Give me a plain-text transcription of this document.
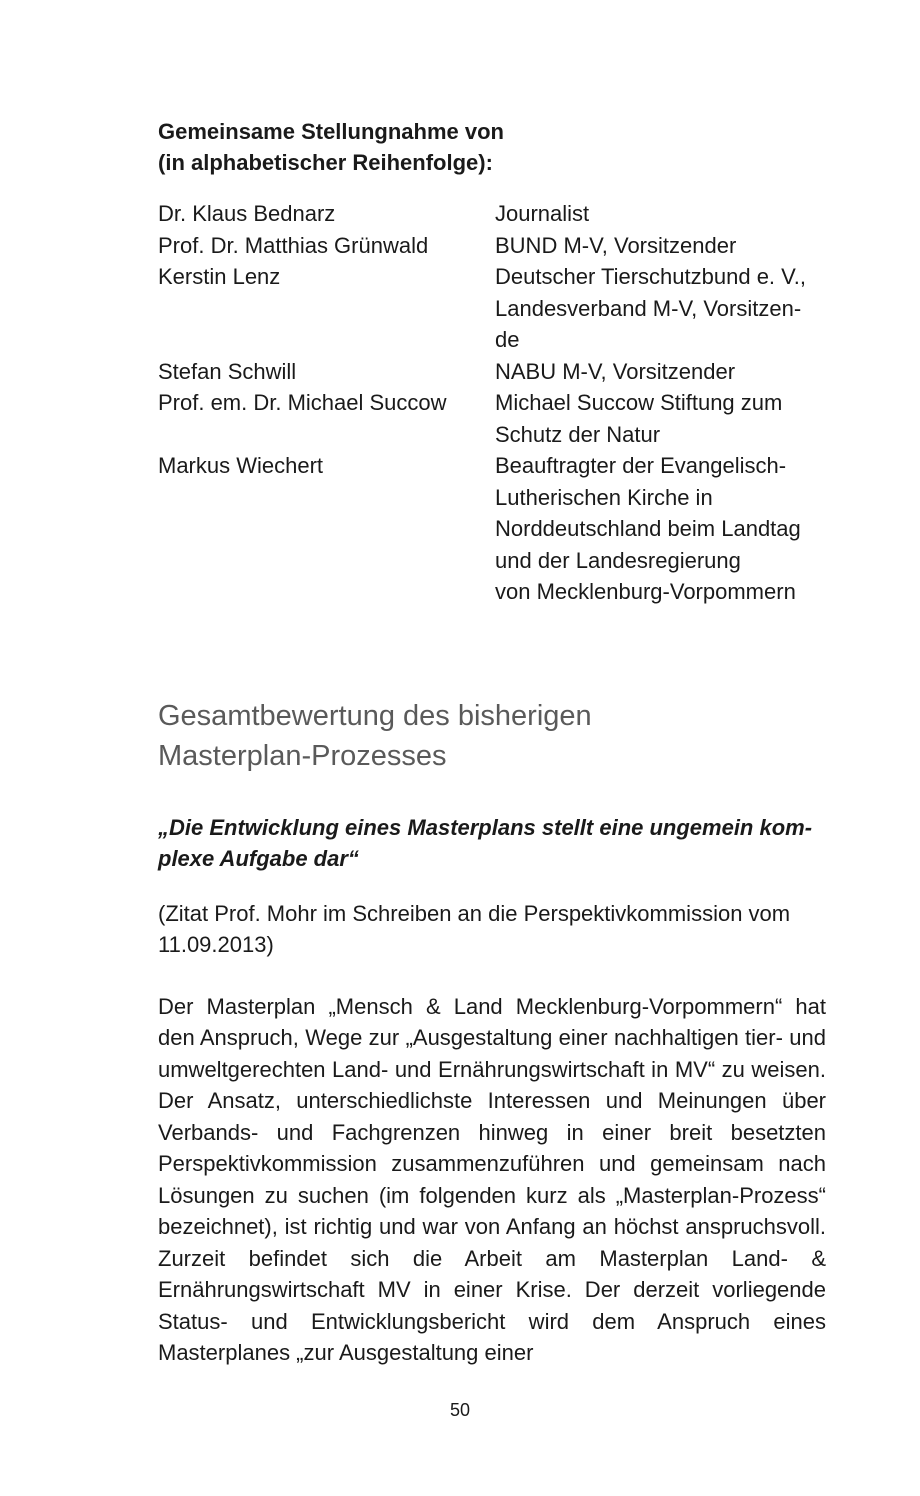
Gemeinsame Stellungnahme von
(in alphabetischer Reihenfolge):
Dr. Klaus Bednarz	Journalist
Prof. Dr. Matthias Grünwald	BUND M-V, Vorsitzender
Kerstin Lenz	Deutscher Tierschutzbund e. V.,
Landesverband M-V, Vorsitzen-
de
Stefan Schwill	NABU M-V, Vorsitzender
Prof. em. Dr. Michael Succow	Michael Succow Stiftung zum
Schutz der Natur
Markus Wiechert	Beauftragter der Evangelisch-
Lutherischen Kirche in
Norddeutschland beim Landtag
und der Landesregierung
von Mecklenburg-Vorpommern
Gesamtbewertung des bisherigen
Masterplan-Prozesses

„Die Entwicklung eines Masterplans stellt eine ungemein kom-plexe Aufgabe dar“

(Zitat Prof. Mohr im Schreiben an die Perspektivkommission vom 11.09.2013)

Der Masterplan „Mensch & Land Mecklenburg-Vorpommern“ hat den Anspruch, Wege zur „Ausgestaltung einer nachhaltigen tier- und umweltgerechten Land- und Ernährungswirtschaft in MV“ zu weisen. Der Ansatz, unterschiedlichste Interessen und Meinungen über Verbands- und Fachgrenzen hinweg in einer breit besetzten Perspektivkommission zusammenzuführen und gemeinsam nach Lösungen zu suchen (im folgenden kurz als „Masterplan-Prozess“ bezeichnet), ist richtig und war von Anfang an höchst anspruchsvoll. Zurzeit befindet sich die Arbeit am Masterplan Land- & Ernährungswirtschaft MV in einer Krise. Der derzeit vorliegende Status- und Entwicklungsbericht wird dem Anspruch eines Masterplanes „zur Ausgestaltung einer

50
